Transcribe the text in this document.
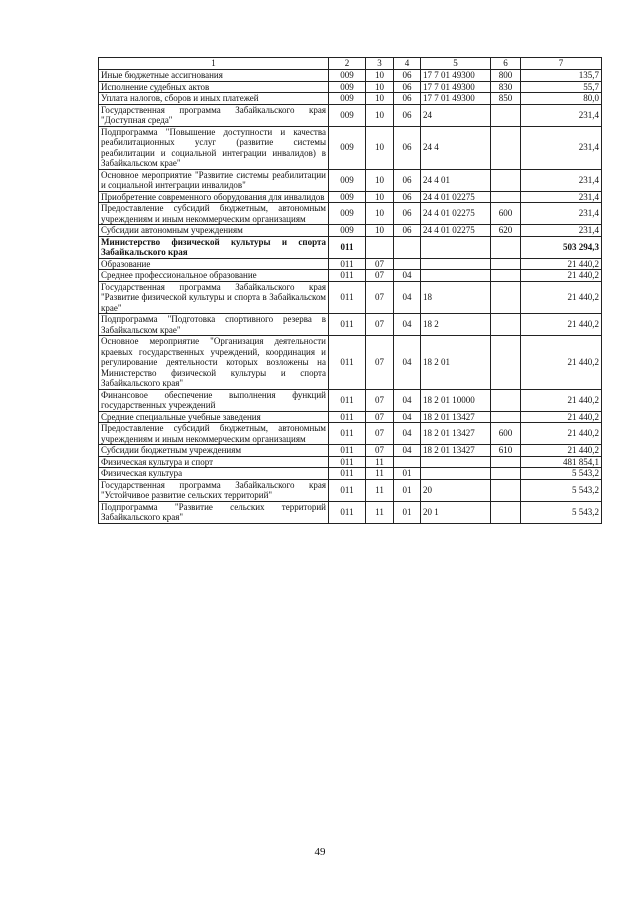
1	2	3	4	5	6	7
Иные бюджетные ассигнования	009	10	06	17 7 01 49300	800	135,7
Исполнение судебных актов	009	10	06	17 7 01 49300	830	55,7
Уплата налогов, сборов и иных платежей	009	10	06	17 7 01 49300	850	80,0
Государственная программа Забайкальского края "Доступная среда"	009	10	06	24		231,4
Подпрограмма "Повышение доступности и качества реабилитационных услуг (развитие системы реабилитации и социальной интеграции инвалидов) в Забайкальском крае"	009	10	06	24 4		231,4
Основное мероприятие "Развитие системы реабилитации и социальной интеграции инвалидов"	009	10	06	24 4 01		231,4
Приобретение современного оборудования для инвалидов	009	10	06	24 4 01 02275		231,4
Предоставление субсидий бюджетным, автономным учреждениям и иным некоммерческим организациям	009	10	06	24 4 01 02275	600	231,4
Субсидии автономным учреждениям	009	10	06	24 4 01 02275	620	231,4
Министерство физической культуры и спорта Забайкальского края	011					503 294,3
Образование	011	07				21 440,2
Среднее профессиональное образование	011	07	04			21 440,2
Государственная программа Забайкальского края "Развитие физической культуры и спорта в Забайкальском крае"	011	07	04	18		21 440,2
Подпрограмма "Подготовка спортивного резерва в Забайкальском крае"	011	07	04	18 2		21 440,2
Основное мероприятие "Организация деятельности краевых государственных учреждений, координация и регулирование деятельности которых возложены на Министерство физической культуры и спорта Забайкальского края"	011	07	04	18 2 01		21 440,2
Финансовое обеспечение выполнения функций государственных учреждений	011	07	04	18 2 01 10000		21 440,2
Средние специальные учебные заведения	011	07	04	18 2 01 13427		21 440,2
Предоставление субсидий бюджетным, автономным учреждениям и иным некоммерческим организациям	011	07	04	18 2 01 13427	600	21 440,2
Субсидии бюджетным учреждениям	011	07	04	18 2 01 13427	610	21 440,2
Физическая культура и спорт	011	11				481 854,1
Физическая культура	011	11	01			5 543,2
Государственная программа Забайкальского края "Устойчивое развитие сельских территорий"	011	11	01	20		5 543,2
Подпрограмма "Развитие сельских территорий Забайкальского края"	011	11	01	20 1		5 543,2
49
